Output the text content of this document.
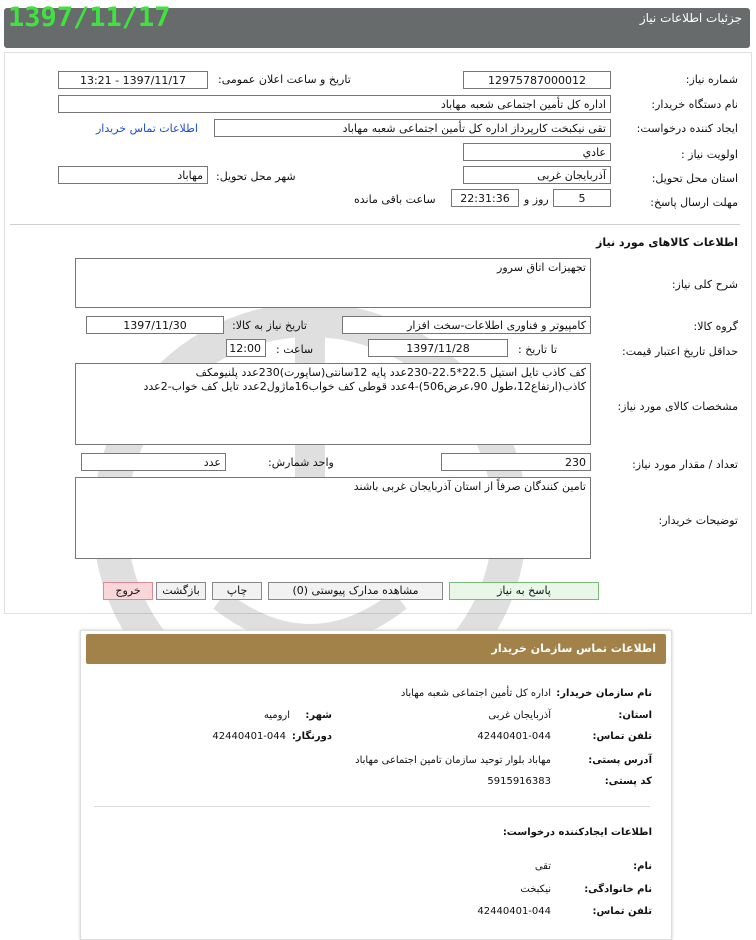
جزئیات اطلاعات نیاز
1397/11/17
شماره نیاز:
12975787000012
تاریخ و ساعت اعلان عمومی:
1397/11/17 - 13:21
نام دستگاه خریدار:
اداره کل تأمین اجتماعی شعبه مهاباد
ایجاد کننده درخواست:
تقی نیکبخت کارپرداز اداره کل تأمین اجتماعی شعبه مهاباد
اطلاعات تماس خریدار
اولویت نیاز :
عادي
استان محل تحویل:
آذربایجان غربی
شهر محل تحویل:
مهاباد
مهلت ارسال پاسخ:
5
روز و
22:31:36
ساعت باقی مانده
اطلاعات کالاهای مورد نیاز
شرح کلی نیاز:
تجهیزات اتاق سرور
گروه کالا:
کامپیوتر و فناوری اطلاعات-سخت افزار
تاریخ نیاز به کالا:
1397/11/30
حداقل تاریخ اعتبار قیمت:
تا تاریخ :
1397/11/28
ساعت :
12:00
مشخصات کالای مورد نیاز:
کف کاذب تایل استیل 22.5*22.5-230عدد پایه 12سانتی(ساپورت)230عدد پلنیومکف
کاذب(ارتفاع12،طول 90،عرض506)-4عدد قوطی کف خواب16ماژول2عدد تایل کف خواب-2عدد
تعداد / مقدار مورد نیاز:
230
واحد شمارش:
عدد
توضیحات خریدار:
تامین کنندگان صرفاً از استان آذربایجان غربی باشند
پاسخ به نیاز
مشاهده مدارک پیوستی (0)
چاپ
بازگشت
خروج
اطلاعات تماس سازمان خریدار
نام سازمان خریدار:
اداره کل تأمین اجتماعی شعبه مهاباد
استان:
آذربایجان غربی
شهر:
ارومیه
تلفن تماس:
42440401-044
دورنگار:
42440401-044
آدرس پستی:
مهاباد بلوار توحید سازمان تامین اجتماعی مهاباد
کد پستی:
5915916383
اطلاعات ایجادکننده درخواست:
نام:
تقی
نام خانوادگی:
نیکبخت
تلفن تماس:
42440401-044
